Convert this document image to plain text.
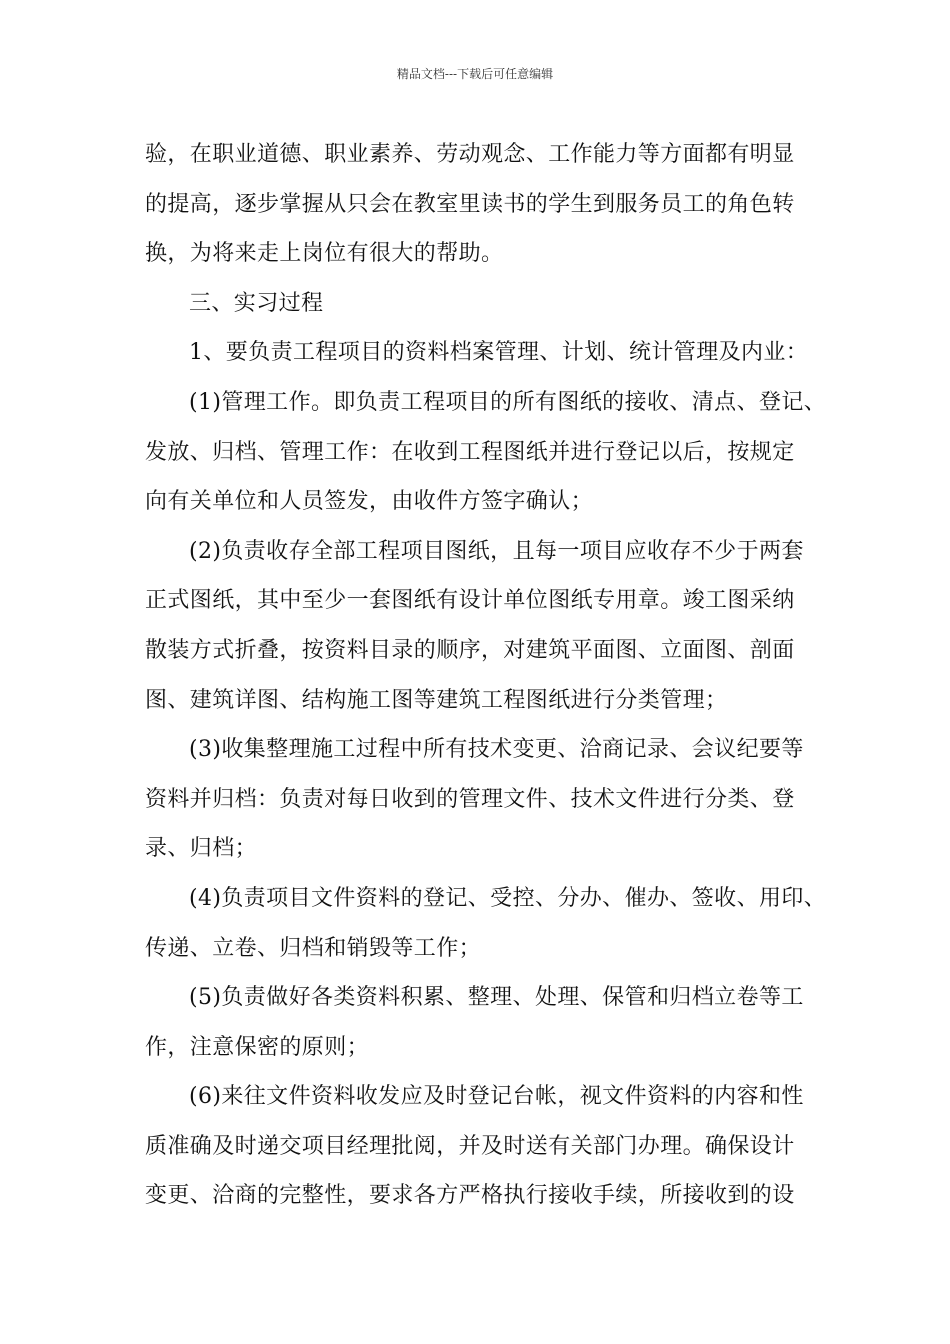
精品文档---下载后可任意编辑
验，在职业道德、职业素养、劳动观念、工作能力等方面都有明显
的提高，逐步掌握从只会在教室里读书的学生到服务员工的角色转
换，为将来走上岗位有很大的帮助。
三、实习过程
1、要负责工程项目的资料档案管理、计划、统计管理及内业：
(1)管理工作。即负责工程项目的所有图纸的接收、清点、登记、
发放、归档、管理工作：在收到工程图纸并进行登记以后，按规定
向有关单位和人员签发，由收件方签字确认；
(2)负责收存全部工程项目图纸，且每一项目应收存不少于两套
正式图纸，其中至少一套图纸有设计单位图纸专用章。竣工图采纳
散装方式折叠，按资料目录的顺序，对建筑平面图、立面图、剖面
图、建筑详图、结构施工图等建筑工程图纸进行分类管理；
(3)收集整理施工过程中所有技术变更、洽商记录、会议纪要等
资料并归档：负责对每日收到的管理文件、技术文件进行分类、登
录、归档；
(4)负责项目文件资料的登记、受控、分办、催办、签收、用印、
传递、立卷、归档和销毁等工作；
(5)负责做好各类资料积累、整理、处理、保管和归档立卷等工
作，注意保密的原则；
(6)来往文件资料收发应及时登记台帐，视文件资料的内容和性
质准确及时递交项目经理批阅，并及时送有关部门办理。确保设计
变更、洽商的完整性，要求各方严格执行接收手续，所接收到的设
